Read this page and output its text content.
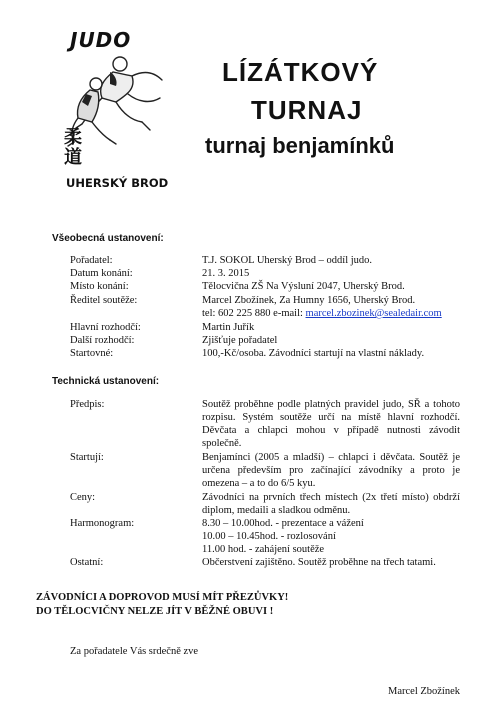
JUDO
柔道
UHERSKÝ BROD
LÍZÁTKOVÝ
TURNAJ
turnaj benjamínků
Všeobecná ustanovení:
Pořadatel:	T.J. SOKOL Uherský Brod – oddíl judo.
Datum konání:	21. 3. 2015
Místo konání:	Tělocvična ZŠ Na Výsluní 2047, Uherský Brod.
Ředitel soutěže:	Marcel Zbožínek, Za Humny 1656, Uherský Brod.
tel: 602 225 880 e-mail: marcel.zbozinek@sealedair.com
Hlavní rozhodčí:	Martin Juřík
Další rozhodčí:	Zjišťuje pořadatel
Startovné:	100,-Kč/osoba. Závodníci startují na vlastní náklady.
Technická ustanovení:
Předpis:	Soutěž proběhne podle platných pravidel judo, SŘ a tohoto rozpisu. Systém soutěže určí na místě hlavní rozhodčí. Děvčata a chlapci mohou v případě nutnosti závodit společně.
Startují:	Benjamínci (2005 a mladší) – chlapci i děvčata. Soutěž je určena především pro začínající závodníky a proto je omezena – a to do 6/5 kyu.
Ceny:	Závodníci na prvních třech místech (2x třetí místo) obdrží diplom, medaili a sladkou odměnu.
Harmonogram:	8.30 – 10.00hod. - prezentace a vážení
10.00 – 10.45hod. - rozlosování
11.00 hod. - zahájení soutěže
Ostatní:	Občerstvení zajištěno. Soutěž proběhne na třech tatami.
ZÁVODNÍCI A DOPROVOD MUSÍ MÍT PŘEZŮVKY!
DO TĚLOCVIČNY NELZE JÍT V BĚŽNÉ OBUVI !
Za pořadatele Vás srdečně zve
Marcel Zbožínek
